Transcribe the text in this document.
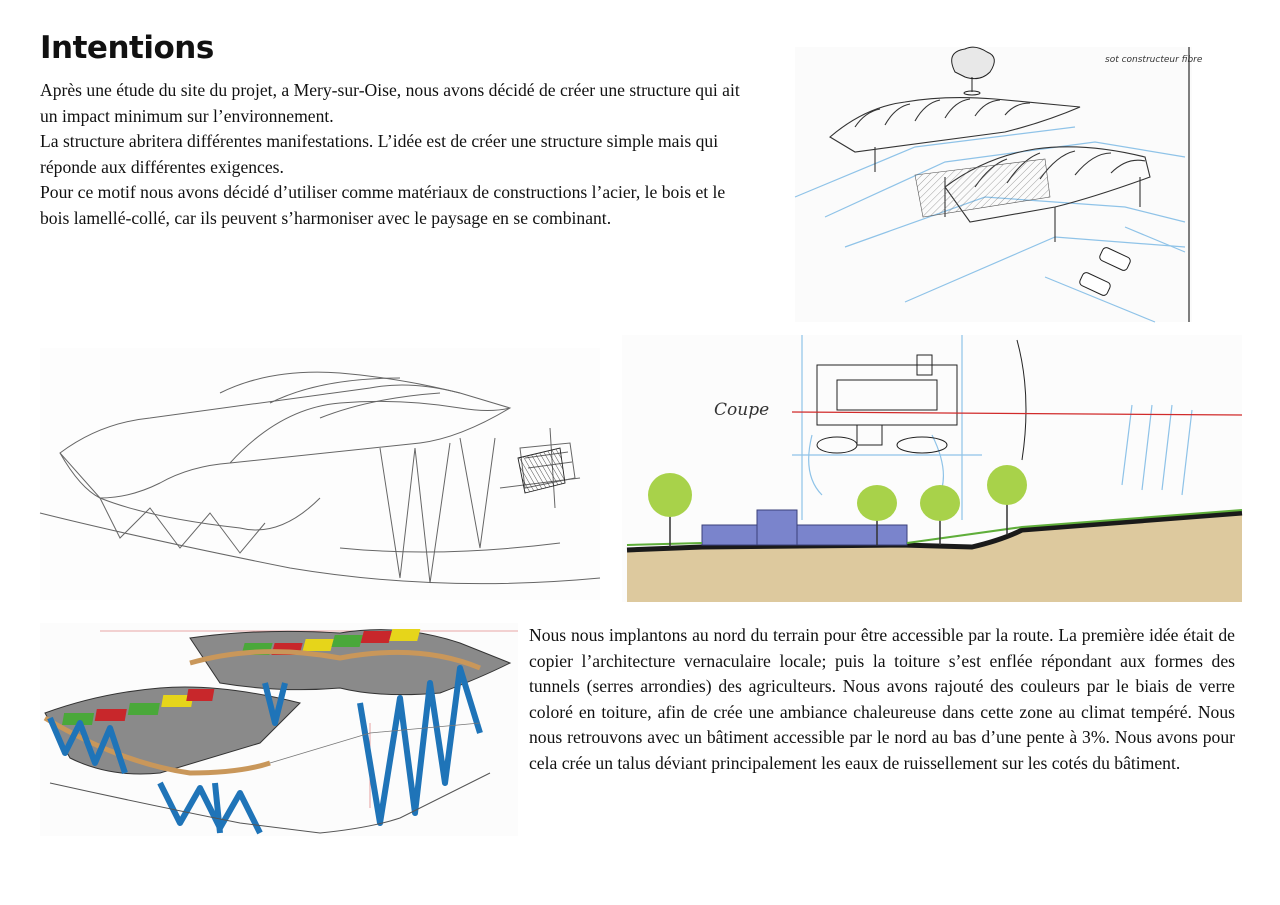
Intentions

Après une étude du site du projet, a Mery-sur-Oise, nous avons décidé de créer une structure qui ait un impact minimum sur l’environnement.

La structure abritera différentes manifestations. L’idée est de créer une structure simple mais qui réponde aux différentes exigences.

Pour ce motif nous avons décidé d’utiliser comme matériaux de constructions l’acier, le bois et le bois lamellé-collé, car ils peuvent s’harmoniser avec le paysage en se combinant.

sot constructeur fibre
Coupe

Nous nous implantons au nord du terrain pour être accessible par la route. La première idée était de copier l’architecture vernaculaire locale; puis la toiture s’est enflée répondant aux formes des tunnels (serres arrondies) des agriculteurs. Nous avons rajouté des couleurs par le biais de verre coloré en toiture, afin de crée une ambiance chaleureuse dans cette zone au climat tempéré. Nous nous retrouvons avec un bâtiment accessible par le nord au bas d’une pente à 3%. Nous avons pour cela crée un talus déviant principalement les eaux de ruissellement sur les cotés du bâtiment.
